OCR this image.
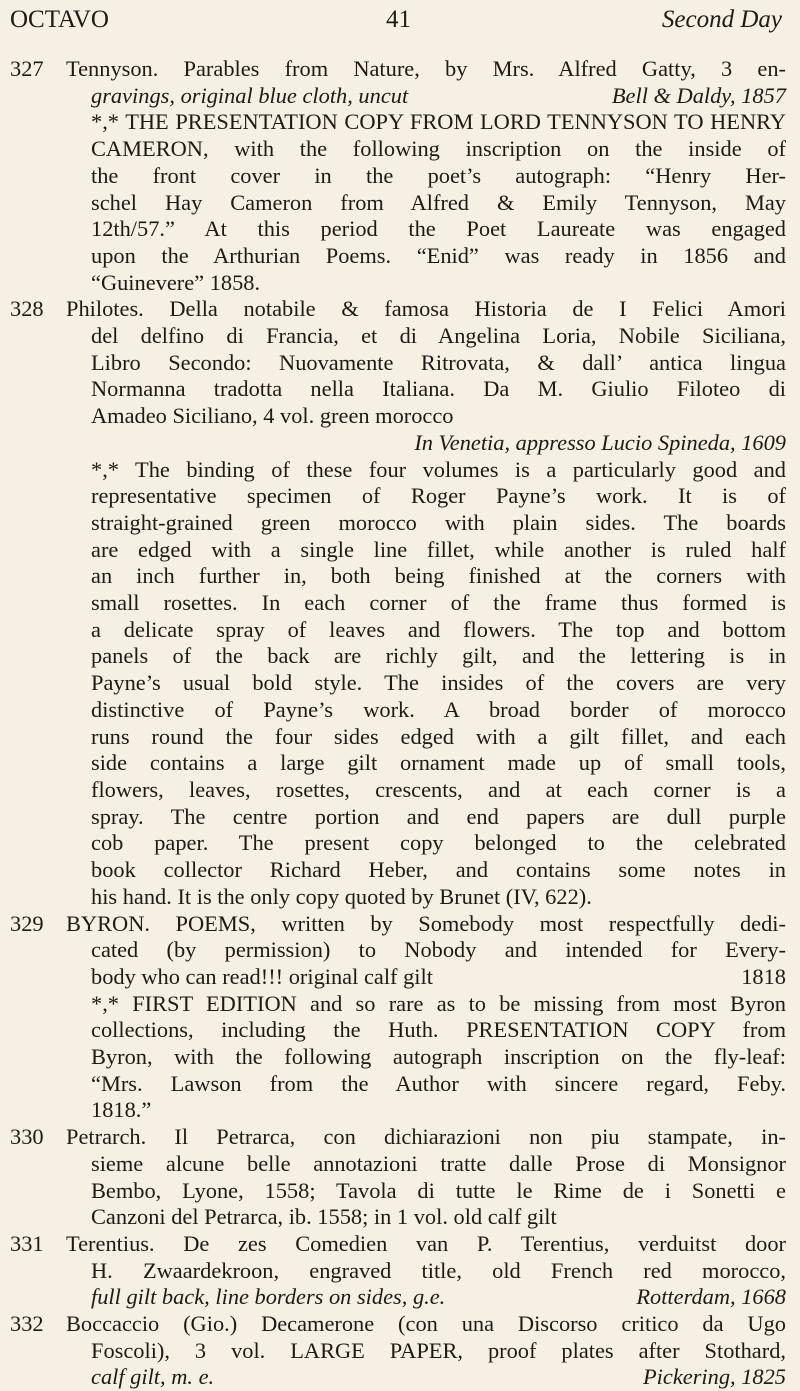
OCTAVO	41	Second Day
327 Tennyson. Parables from Nature, by Mrs. Alfred Gatty, 3 en-
gravings, original blue cloth, uncut	Bell & Daldy, 1857
*,* THE PRESENTATION COPY FROM LORD TENNYSON TO HENRY
CAMERON, with the following inscription on the inside of
the front cover in the poet’s autograph: “Henry Her-
schel Hay Cameron from Alfred & Emily Tennyson, May
12th/57.” At this period the Poet Laureate was engaged
upon the Arthurian Poems. “Enid” was ready in 1856 and
“Guinevere” 1858.
328 Philotes. Della notabile & famosa Historia de I Felici Amori
del delfino di Francia, et di Angelina Loria, Nobile Siciliana,
Libro Secondo: Nuovamente Ritrovata, & dall’ antica lingua
Normanna tradotta nella Italiana. Da M. Giulio Filoteo di
Amadeo Siciliano, 4 vol. green morocco
In Venetia, appresso Lucio Spineda, 1609
*,* The binding of these four volumes is a particularly good and
representative specimen of Roger Payne’s work. It is of
straight-grained green morocco with plain sides. The boards
are edged with a single line fillet, while another is ruled half
an inch further in, both being finished at the corners with
small rosettes. In each corner of the frame thus formed is
a delicate spray of leaves and flowers. The top and bottom
panels of the back are richly gilt, and the lettering is in
Payne’s usual bold style. The insides of the covers are very
distinctive of Payne’s work. A broad border of morocco
runs round the four sides edged with a gilt fillet, and each
side contains a large gilt ornament made up of small tools,
flowers, leaves, rosettes, crescents, and at each corner is a
spray. The centre portion and end papers are dull purple
cob paper. The present copy belonged to the celebrated
book collector Richard Heber, and contains some notes in
his hand. It is the only copy quoted by Brunet (IV, 622).
329 BYRON. POEMS, written by Somebody most respectfully dedi-
cated (by permission) to Nobody and intended for Every-
body who can read!!! original calf gilt	1818
*,* FIRST EDITION and so rare as to be missing from most Byron
collections, including the Huth. PRESENTATION COPY from
Byron, with the following autograph inscription on the fly-leaf:
“Mrs. Lawson from the Author with sincere regard, Feby.
1818.”
330 Petrarch. Il Petrarca, con dichiarazioni non piu stampate, in-
sieme alcune belle annotazioni tratte dalle Prose di Monsignor
Bembo, Lyone, 1558; Tavola di tutte le Rime de i Sonetti e
Canzoni del Petrarca, ib. 1558; in 1 vol. old calf gilt
331 Terentius. De zes Comedien van P. Terentius, verduitst door
H. Zwaardekroon, engraved title, old French red morocco,
full gilt back, line borders on sides, g.e.	Rotterdam, 1668
332 Boccaccio (Gio.) Decamerone (con una Discorso critico da Ugo
Foscoli), 3 vol. LARGE PAPER, proof plates after Stothard,
calf gilt, m. e.	Pickering, 1825
